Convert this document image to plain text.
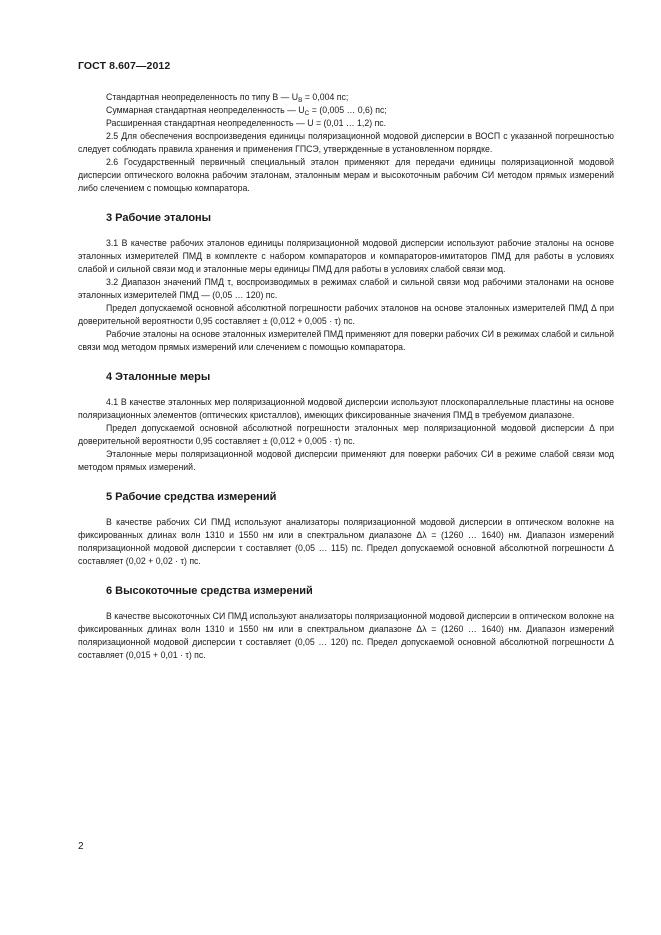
ГОСТ 8.607—2012

Стандартная неопределенность по типу В — $U_B = 0,004$ пс;

Суммарная стандартная неопределенность — $U_C = (0,005$ … 0,6) пс;

Расширенная стандартная неопределенность — U = (0,01 … 1,2) пс.

2.5 Для обеспечения воспроизведения единицы поляризационной модовой дисперсии в ВОСП с указанной погрешностью следует соблюдать правила хранения и применения ГПСЭ, утвержденные в установленном порядке.

2.6 Государственный первичный специальный эталон применяют для передачи единицы поляризационной модовой дисперсии оптического волокна рабочим эталонам, эталонным мерам и высокоточным рабочим СИ методом прямых измерений либо слечением с помощью компаратора.

3 Рабочие эталоны

3.1 В качестве рабочих эталонов единицы поляризационной модовой дисперсии используют рабочие эталоны на основе эталонных измерителей ПМД в комплекте с набором компараторов и компараторов-имитаторов ПМД для работы в условиях слабой и сильной связи мод и эталонные меры единицы ПМД для работы в условиях слабой связи мод.

3.2 Диапазон значений ПМД τ, воспроизводимых в режимах слабой и сильной связи мод рабочими эталонами на основе эталонных измерителей ПМД — (0,05 … 120) пс.

Предел допускаемой основной абсолютной погрешности рабочих эталонов на основе эталонных измерителей ПМД Δ при доверительной вероятности 0,95 составляет ± (0,012 + 0,005 · τ) пс.

Рабочие эталоны на основе эталонных измерителей ПМД применяют для поверки рабочих СИ в режимах слабой и сильной связи мод методом прямых измерений или слечением с помощью компаратора.

4 Эталонные меры

4.1 В качестве эталонных мер поляризационной модовой дисперсии используют плоскопараллельные пластины на основе поляризационных элементов (оптических кристаллов), имеющих фиксированные значения ПМД в требуемом диапазоне.

Предел допускаемой основной абсолютной погрешности эталонных мер поляризационной модовой дисперсии Δ при доверительной вероятности 0,95 составляет ± (0,012 + 0,005 · τ) пс.

Эталонные меры поляризационной модовой дисперсии применяют для поверки рабочих СИ в режиме слабой связи мод методом прямых измерений.

5 Рабочие средства измерений

В качестве рабочих СИ ПМД используют анализаторы поляризационной модовой дисперсии в оптическом волокне на фиксированных длинах волн 1310 и 1550 нм или в спектральном диапазоне Δλ = (1260 … 1640) нм. Диапазон измерений поляризационной модовой дисперсии τ составляет (0,05 … 115) пс. Предел допускаемой основной абсолютной погрешности Δ составляет (0,02 + 0,02 · τ) пс.

6 Высокоточные средства измерений

В качестве высокоточных СИ ПМД используют анализаторы поляризационной модовой дисперсии в оптическом волокне на фиксированных длинах волн 1310 и 1550 нм или в спектральном диапазоне Δλ = (1260 … 1640) нм. Диапазон измерений поляризационной модовой дисперсии τ составляет (0,05 … 120) пс. Предел допускаемой основной абсолютной погрешности Δ составляет (0,015 + 0,01 · τ) пс.

2
